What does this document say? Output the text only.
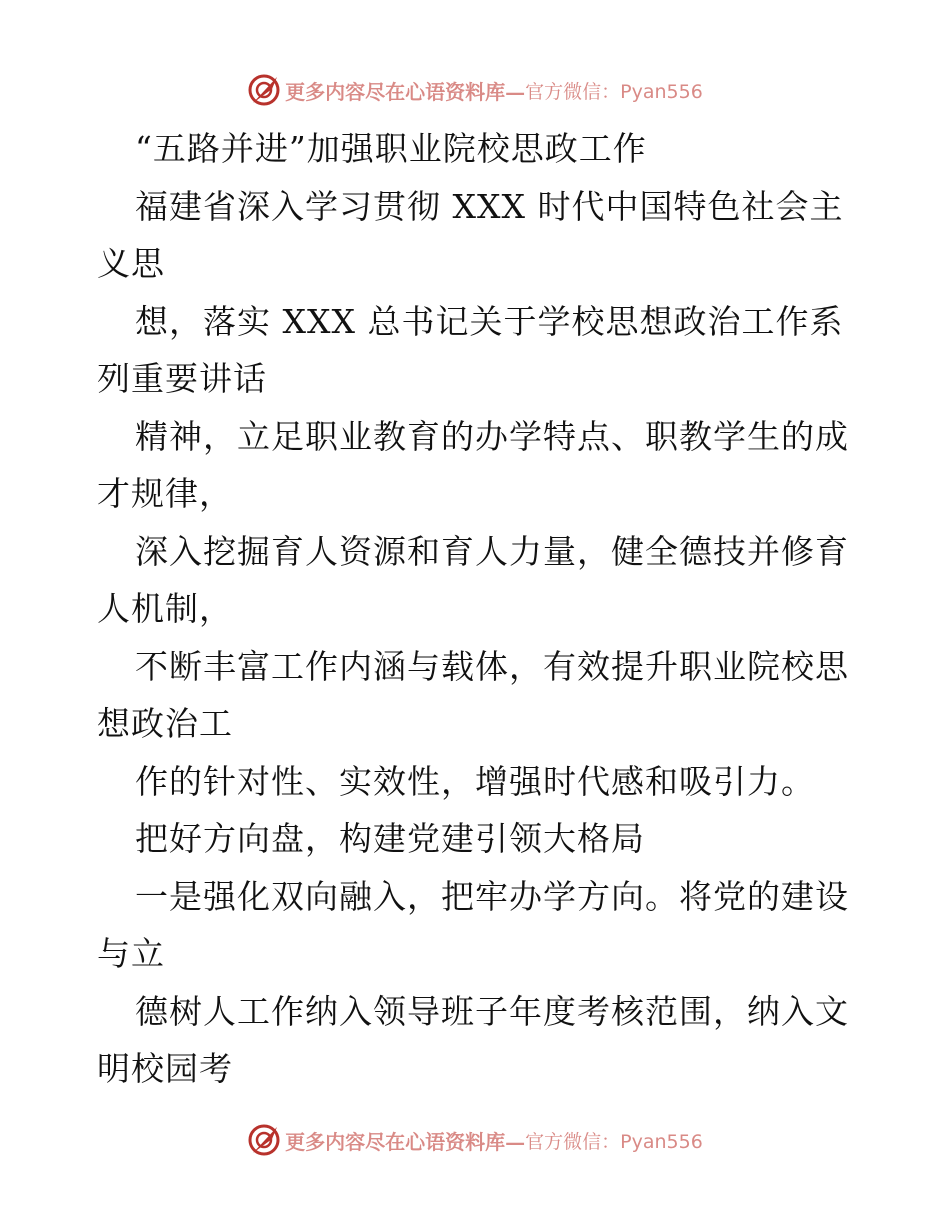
更多内容尽在心语资料库— 官方微信：Pyan556
“五路并进”加强职业院校思政工作
福建省深入学习贯彻 XXX 时代中国特色社会主
义思
想，落实 XXX 总书记关于学校思想政治工作系
列重要讲话
精神，立足职业教育的办学特点、职教学生的成
才规律，
深入挖掘育人资源和育人力量，健全德技并修育
人机制，
不断丰富工作内涵与载体，有效提升职业院校思
想政治工
作的针对性、实效性，增强时代感和吸引力。
把好方向盘，构建党建引领大格局
一是强化双向融入，把牢办学方向。将党的建设
与立
德树人工作纳入领导班子年度考核范围，纳入文
明校园考
更多内容尽在心语资料库— 官方微信：Pyan556
